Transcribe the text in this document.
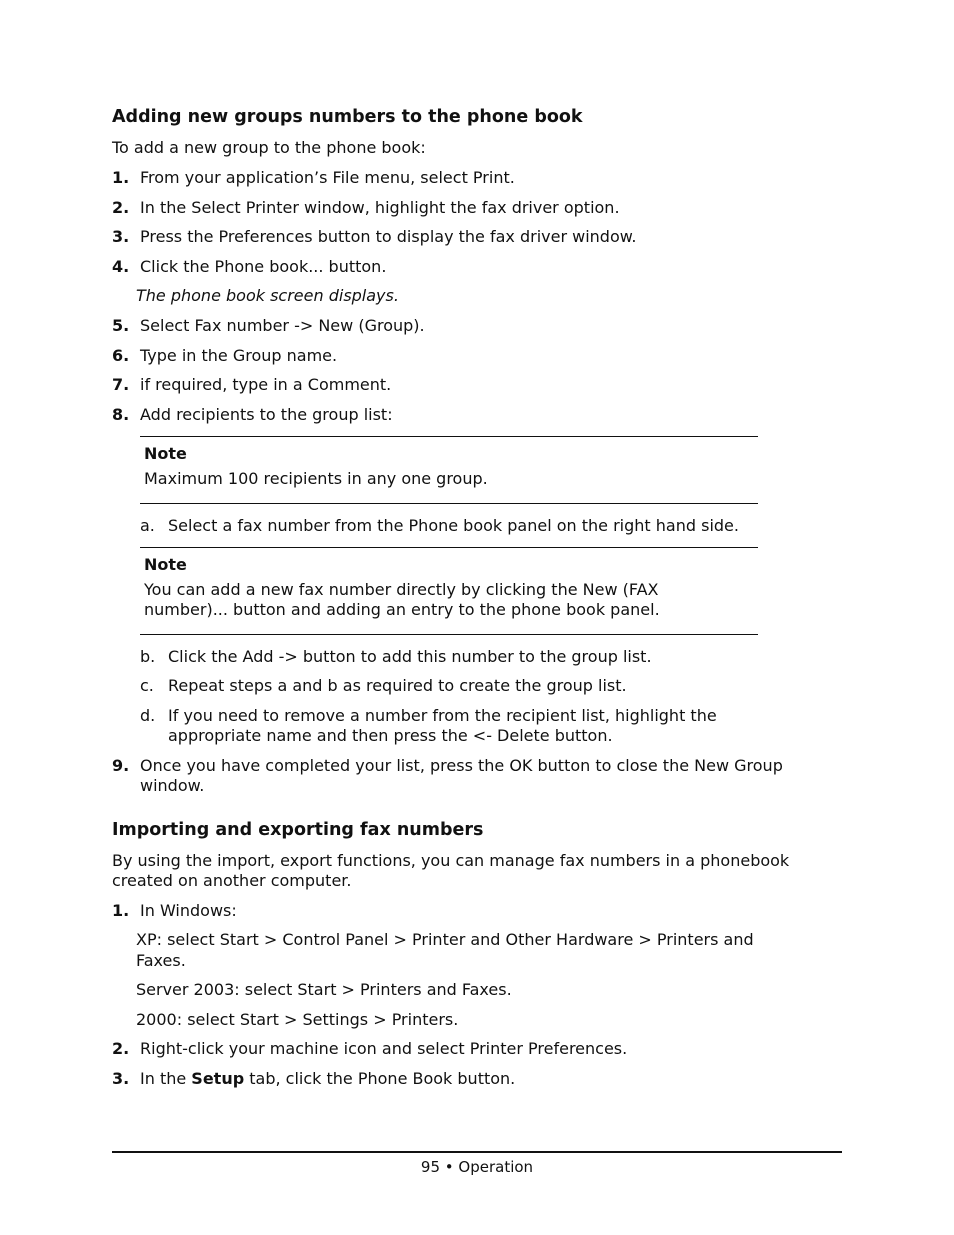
Adding new groups numbers to the phone book
To add a new group to the phone book:
1. From your application’s File menu, select Print.
2. In the Select Printer window, highlight the fax driver option.
3. Press the Preferences button to display the fax driver window.
4. Click the Phone book... button.
The phone book screen displays.
5. Select Fax number -> New (Group).
6. Type in the Group name.
7. if required, type in a Comment.
8. Add recipients to the group list:
Note
Maximum 100 recipients in any one group.
a. Select a fax number from the Phone book panel on the right hand side.
Note
You can add a new fax number directly by clicking the New (FAX
number)... button and adding an entry to the phone book panel.
b. Click the Add -> button to add this number to the group list.
c. Repeat steps a and b as required to create the group list.
d. If you need to remove a number from the recipient list, highlight the
appropriate name and then press the <- Delete button.
9. Once you have completed your list, press the OK button to close the New Group
window.
Importing and exporting fax numbers
By using the import, export functions, you can manage fax numbers in a phonebook
created on another computer.
1. In Windows:
XP: select Start > Control Panel > Printer and Other Hardware > Printers and
Faxes.
Server 2003: select Start > Printers and Faxes.
2000: select Start > Settings > Printers.
2. Right-click your machine icon and select Printer Preferences.
3. In the Setup tab, click the Phone Book button.
95 • Operation
